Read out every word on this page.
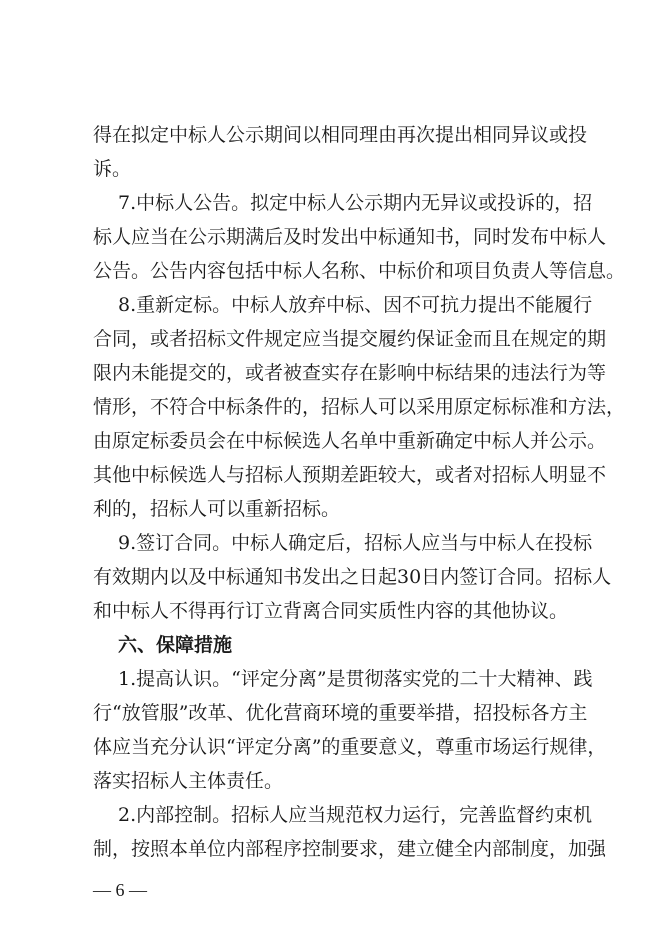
得在拟定中标人公示期间以相同理由再次提出相同异议或投
诉。
7.中标人公告。拟定中标人公示期内无异议或投诉的，招
标人应当在公示期满后及时发出中标通知书，同时发布中标人
公告。公告内容包括中标人名称、中标价和项目负责人等信息。
8.重新定标。中标人放弃中标、因不可抗力提出不能履行
合同，或者招标文件规定应当提交履约保证金而且在规定的期
限内未能提交的，或者被查实存在影响中标结果的违法行为等
情形，不符合中标条件的，招标人可以采用原定标标准和方法，
由原定标委员会在中标候选人名单中重新确定中标人并公示。
其他中标候选人与招标人预期差距较大，或者对招标人明显不
利的，招标人可以重新招标。
9.签订合同。中标人确定后，招标人应当与中标人在投标
有效期内以及中标通知书发出之日起30日内签订合同。招标人
和中标人不得再行订立背离合同实质性内容的其他协议。
六、保障措施
1.提高认识。“评定分离”是贯彻落实党的二十大精神、践
行“放管服”改革、优化营商环境的重要举措，招投标各方主
体应当充分认识“评定分离”的重要意义，尊重市场运行规律，
落实招标人主体责任。
2.内部控制。招标人应当规范权力运行，完善监督约束机
制，按照本单位内部程序控制要求，建立健全内部制度，加强
— 6 —
